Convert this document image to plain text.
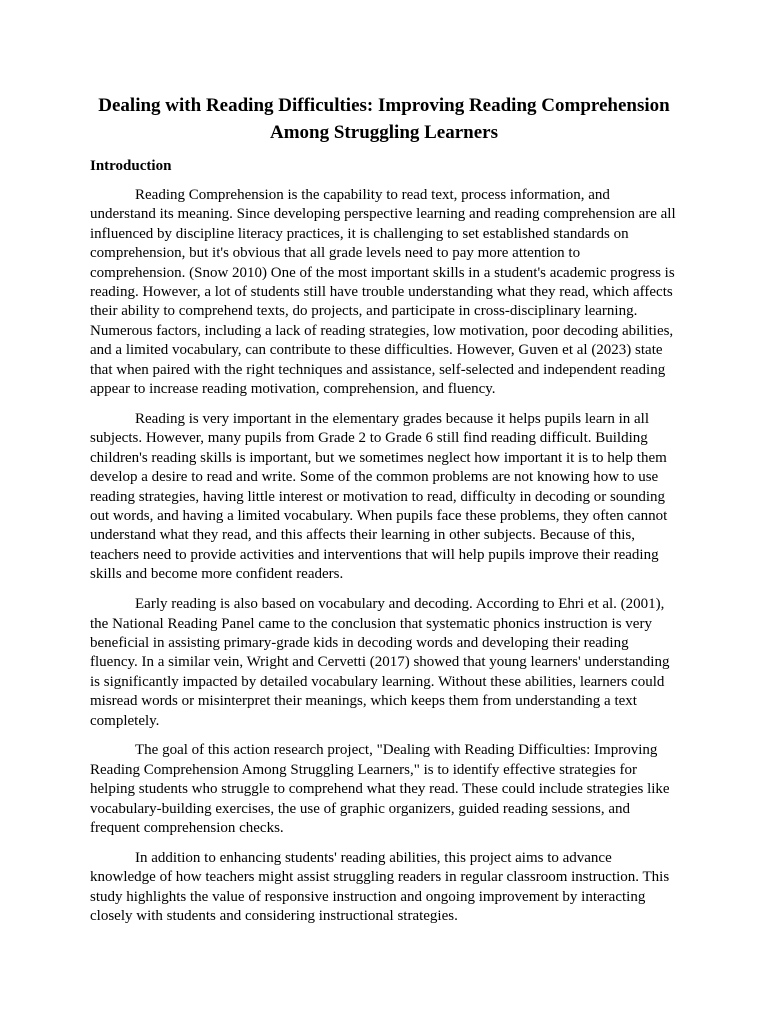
Dealing with Reading Difficulties: Improving Reading Comprehension Among Struggling Learners
Introduction

Reading Comprehension is the capability to read text, process information, and understand its meaning. Since developing perspective learning and reading comprehension are all influenced by discipline literacy practices, it is challenging to set established standards on comprehension, but it's obvious that all grade levels need to pay more attention to comprehension. (Snow 2010) One of the most important skills in a student's academic progress is reading. However, a lot of students still have trouble understanding what they read, which affects their ability to comprehend texts, do projects, and participate in cross-disciplinary learning. Numerous factors, including a lack of reading strategies, low motivation, poor decoding abilities, and a limited vocabulary, can contribute to these difficulties. However, Guven et al (2023) state that when paired with the right techniques and assistance, self-selected and independent reading appear to increase reading motivation, comprehension, and fluency.

Reading is very important in the elementary grades because it helps pupils learn in all subjects. However, many pupils from Grade 2 to Grade 6 still find reading difficult. Building children's reading skills is important, but we sometimes neglect how important it is to help them develop a desire to read and write. Some of the common problems are not knowing how to use reading strategies, having little interest or motivation to read, difficulty in decoding or sounding out words, and having a limited vocabulary. When pupils face these problems, they often cannot understand what they read, and this affects their learning in other subjects. Because of this, teachers need to provide activities and interventions that will help pupils improve their reading skills and become more confident readers.

Early reading is also based on vocabulary and decoding. According to Ehri et al. (2001), the National Reading Panel came to the conclusion that systematic phonics instruction is very beneficial in assisting primary-grade kids in decoding words and developing their reading fluency. In a similar vein, Wright and Cervetti (2017) showed that young learners' understanding is significantly impacted by detailed vocabulary learning. Without these abilities, learners could misread words or misinterpret their meanings, which keeps them from understanding a text completely.

The goal of this action research project, "Dealing with Reading Difficulties: Improving Reading Comprehension Among Struggling Learners," is to identify effective strategies for helping students who struggle to comprehend what they read. These could include strategies like vocabulary-building exercises, the use of graphic organizers, guided reading sessions, and frequent comprehension checks.

In addition to enhancing students' reading abilities, this project aims to advance knowledge of how teachers might assist struggling readers in regular classroom instruction. This study highlights the value of responsive instruction and ongoing improvement by interacting closely with students and considering instructional strategies.
